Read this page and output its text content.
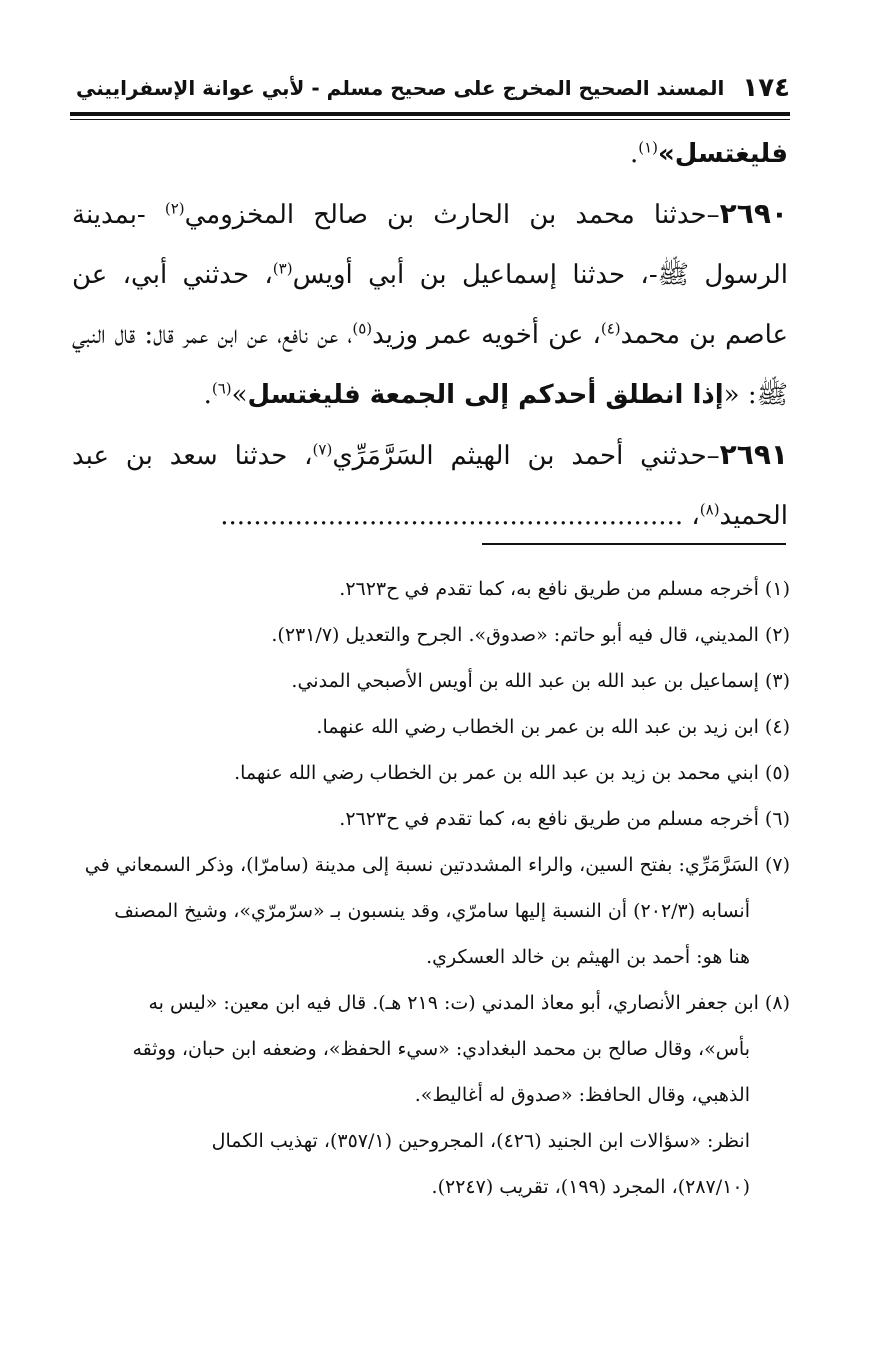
١٧٤
المسند الصحيح المخرج على صحيح مسلم - لأبي عوانة الإسفراييني

فليغتسل»$^{(١)}$.

٢٦٩٠–حدثنا محمد بن الحارث بن صالح المخزومي$^{(٢)}$ -بمدينة الرسول ﷺ-، حدثنا إسماعيل بن أبي أويس$^{(٣)}$، حدثني أبي، عن عاصم بن محمد$^{(٤)}$، عن أخويه عمر وزيد$^{(٥)}$، عن نافع، عن ابن عمر قال: قال النبي ﷺ: «إذا انطلق أحدكم إلى الجمعة فليغتسل»$^{(٦)}$.

٢٦٩١–حدثني أحمد بن الهيثم السَرَّمَرِّي$^{(٧)}$، حدثنا سعد بن عبد الحميد$^{(٨)}$، ........................................................

(١) أخرجه مسلم من طريق نافع به، كما تقدم في ح٢٦٢٣.

(٢) المديني، قال فيه أبو حاتم: «صدوق». الجرح والتعديل (٢٣١/٧).

(٣) إسماعيل بن عبد الله بن عبد الله بن أويس الأصبحي المدني.

(٤) ابن زيد بن عبد الله بن عمر بن الخطاب رضي الله عنهما.

(٥) ابني محمد بن زيد بن عبد الله بن عمر بن الخطاب رضي الله عنهما.

(٦) أخرجه مسلم من طريق نافع به، كما تقدم في ح٢٦٢٣.

(٧) السَرَّمَرِّي: بفتح السين، والراء المشددتين نسبة إلى مدينة (سامرّا)، وذكر السمعاني في

أنسابه (٢٠٢/٣) أن النسبة إليها سامرّي، وقد ينسبون بـ «سرّمرّي»، وشيخ المصنف

هنا هو: أحمد بن الهيثم بن خالد العسكري.

(٨) ابن جعفر الأنصاري، أبو معاذ المدني (ت: ٢١٩ هـ). قال فيه ابن معين: «ليس به

بأس»، وقال صالح بن محمد البغدادي: «سيء الحفظ»، وضعفه ابن حبان، ووثقه

الذهبي، وقال الحافظ: «صدوق له أغاليط».

انظر: «سؤالات ابن الجنيد (٤٢٦)، المجروحين (٣٥٧/١)، تهذيب الكمال

(٢٨٧/١٠)، المجرد (١٩٩)، تقريب (٢٢٤٧).
